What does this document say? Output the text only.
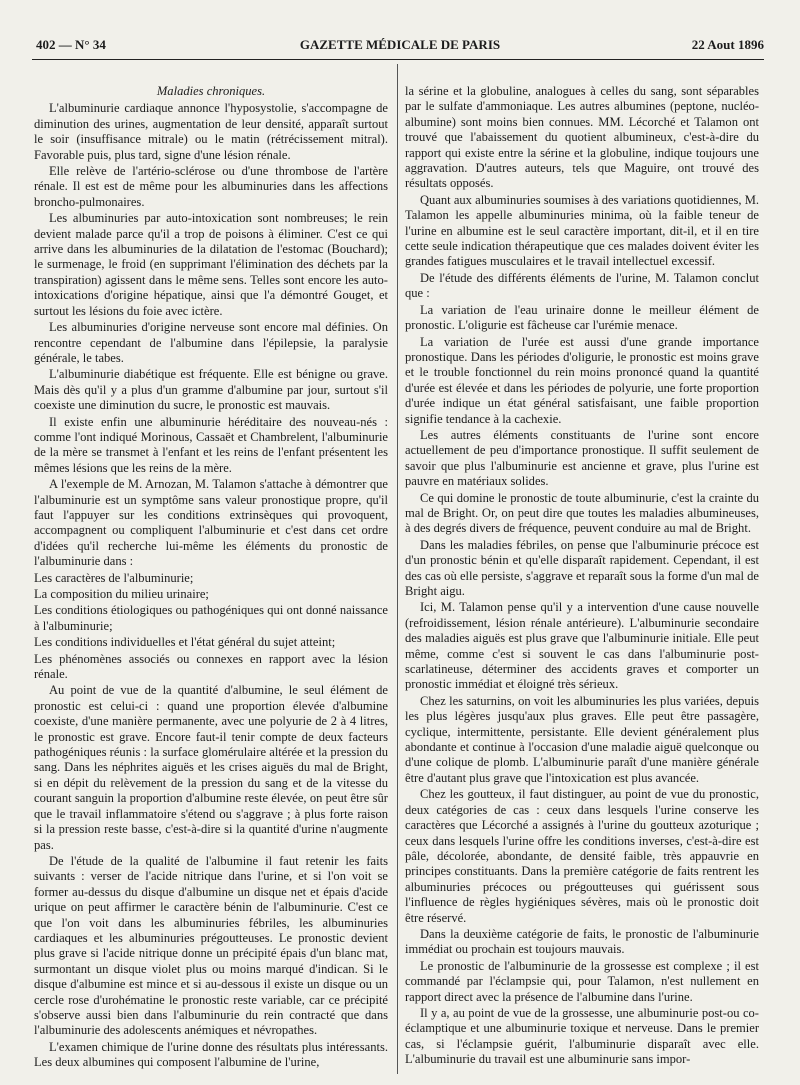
402 — N° 34	GAZETTE MÉDICALE DE PARIS	22 Aout 1896
Maladies chroniques.

L'albuminurie cardiaque annonce l'hyposystolie, s'accompagne de diminution des urines, augmentation de leur densité, apparaît surtout le soir (insuffisance mitrale) ou le matin (rétrécissement mitral). Favorable puis, plus tard, signe d'une lésion rénale.

Elle relève de l'artério-sclérose ou d'une thrombose de l'artère rénale. Il est est de même pour les albuminuries dans les affections broncho-pulmonaires.

Les albuminuries par auto-intoxication sont nombreuses; le rein devient malade parce qu'il a trop de poisons à éliminer. C'est ce qui arrive dans les albuminuries de la dilatation de l'estomac (Bouchard); le surmenage, le froid (en supprimant l'élimination des déchets par la transpiration) agissent dans le même sens. Telles sont encore les auto-intoxications d'origine hépatique, ainsi que l'a démontré Gouget, et surtout les lésions du foie avec ictère.

Les albuminuries d'origine nerveuse sont encore mal définies. On rencontre cependant de l'albumine dans l'épilepsie, la paralysie générale, le tabes.

L'albuminurie diabétique est fréquente. Elle est bénigne ou grave. Mais dès qu'il y a plus d'un gramme d'albumine par jour, surtout s'il coexiste une diminution du sucre, le pronostic est mauvais.

Il existe enfin une albuminurie héréditaire des nouveau-nés : comme l'ont indiqué Morinous, Cassaët et Chambrelent, l'albuminurie de la mère se transmet à l'enfant et les reins de l'enfant présentent les mêmes lésions que les reins de la mère.

A l'exemple de M. Arnozan, M. Talamon s'attache à démontrer que l'albuminurie est un symptôme sans valeur pronostique propre, qu'il faut l'appuyer sur les conditions extrinsèques qui provoquent, accompagnent ou compliquent l'albuminurie et c'est dans cet ordre d'idées qu'il recherche lui-même les éléments du pronostic de l'albuminurie dans :

Les caractères de l'albuminurie;

La composition du milieu urinaire;

Les conditions étiologiques ou pathogéniques qui ont donné naissance à l'albuminurie;

Les conditions individuelles et l'état général du sujet atteint;

Les phénomènes associés ou connexes en rapport avec la lésion rénale.

Au point de vue de la quantité d'albumine, le seul élément de pronostic est celui-ci : quand une proportion élevée d'albumine coexiste, d'une manière permanente, avec une polyurie de 2 à 4 litres, le pronostic est grave. Encore faut-il tenir compte de deux facteurs pathogéniques réunis : la surface glomérulaire altérée et la pression du sang. Dans les néphrites aiguës et les crises aiguës du mal de Bright, si en dépit du relèvement de la pression du sang et de la vitesse du courant sanguin la proportion d'albumine reste élevée, on peut être sûr que le travail inflammatoire s'étend ou s'aggrave ; à plus forte raison si la pression reste basse, c'est-à-dire si la quantité d'urine n'augmente pas.

De l'étude de la qualité de l'albumine il faut retenir les faits suivants : verser de l'acide nitrique dans l'urine, et si l'on voit se former au-dessus du disque d'albumine un disque net et épais d'acide urique on peut affirmer le caractère bénin de l'albuminurie. C'est ce que l'on voit dans les albuminuries fébriles, les albuminuries cardiaques et les albuminuries prégoutteuses. Le pronostic devient plus grave si l'acide nitrique donne un précipité épais d'un blanc mat, surmontant un disque violet plus ou moins marqué d'indican. Si le disque d'albumine est mince et si au-dessous il existe un disque ou un cercle rose d'urohématine le pronostic reste variable, car ce précipité s'observe aussi bien dans l'albuminurie du rein contracté que dans l'albuminurie des adolescents anémiques et névropathes.

L'examen chimique de l'urine donne des résultats plus intéressants. Les deux albumines qui composent l'albumine de l'urine,

la sérine et la globuline, analogues à celles du sang, sont séparables par le sulfate d'ammoniaque. Les autres albumines (peptone, nucléo-albumine) sont moins bien connues. MM. Lécorché et Talamon ont trouvé que l'abaissement du quotient albumineux, c'est-à-dire du rapport qui existe entre la sérine et la globuline, indique toujours une aggravation. D'autres auteurs, tels que Maguire, ont trouvé des résultats opposés.

Quant aux albuminuries soumises à des variations quotidiennes, M. Talamon les appelle albuminuries minima, où la faible teneur de l'urine en albumine est le seul caractère important, dit-il, et il en tire cette seule indication thérapeutique que ces malades doivent éviter les grandes fatigues musculaires et le travail intellectuel excessif.

De l'étude des différents éléments de l'urine, M. Talamon conclut que :

La variation de l'eau urinaire donne le meilleur élément de pronostic. L'oligurie est fâcheuse car l'urémie menace.

La variation de l'urée est aussi d'une grande importance pronostique. Dans les périodes d'oligurie, le pronostic est moins grave et le trouble fonctionnel du rein moins prononcé quand la quantité d'urée est élevée et dans les périodes de polyurie, une forte proportion d'urée indique un état général satisfaisant, une faible proportion signifie tendance à la cachexie.

Les autres éléments constituants de l'urine sont encore actuellement de peu d'importance pronostique. Il suffit seulement de savoir que plus l'albuminurie est ancienne et grave, plus l'urine est pauvre en matériaux solides.

Ce qui domine le pronostic de toute albuminurie, c'est la crainte du mal de Bright. Or, on peut dire que toutes les maladies albumineuses, à des degrés divers de fréquence, peuvent conduire au mal de Bright.

Dans les maladies fébriles, on pense que l'albuminurie précoce est d'un pronostic bénin et qu'elle disparaît rapidement. Cependant, il est des cas où elle persiste, s'aggrave et reparaît sous la forme d'un mal de Bright aigu.

Ici, M. Talamon pense qu'il y a intervention d'une cause nouvelle (refroidissement, lésion rénale antérieure). L'albuminurie secondaire des maladies aiguës est plus grave que l'albuminurie initiale. Elle peut même, comme c'est si souvent le cas dans l'albuminurie post-scarlatineuse, déterminer des accidents graves et comporter un pronostic immédiat et éloigné très sérieux.

Chez les saturnins, on voit les albuminuries les plus variées, depuis les plus légères jusqu'aux plus graves. Elle peut être passagère, cyclique, intermittente, persistante. Elle devient généralement plus abondante et continue à l'occasion d'une maladie aiguë quelconque ou d'une colique de plomb. L'albuminurie paraît d'une manière générale être d'autant plus grave que l'intoxication est plus avancée.

Chez les goutteux, il faut distinguer, au point de vue du pronostic, deux catégories de cas : ceux dans lesquels l'urine conserve les caractères que Lécorché a assignés à l'urine du goutteux azoturique ; ceux dans lesquels l'urine offre les conditions inverses, c'est-à-dire est pâle, décolorée, abondante, de densité faible, très appauvrie en principes constituants. Dans la première catégorie de faits rentrent les albuminuries précoces ou prégoutteuses qui guérissent sous l'influence de règles hygiéniques sévères, mais où le pronostic doit être réservé.

Dans la deuxième catégorie de faits, le pronostic de l'albuminurie immédiat ou prochain est toujours mauvais.

Le pronostic de l'albuminurie de la grossesse est complexe ; il est commandé par l'éclampsie qui, pour Talamon, n'est nullement en rapport direct avec la présence de l'albumine dans l'urine.

Il y a, au point de vue de la grossesse, une albuminurie post-ou co-éclamptique et une albuminurie toxique et nerveuse. Dans le premier cas, si l'éclampsie guérit, l'albuminurie disparaît avec elle. L'albuminurie du travail est une albuminurie sans impor-
